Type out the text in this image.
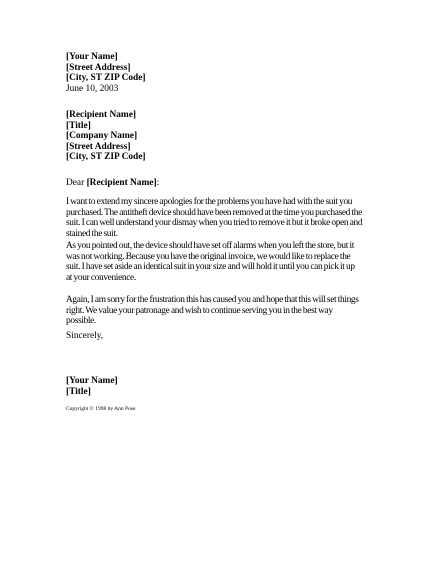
[Your Name]
[Street Address]
[City, ST ZIP Code]
June 10, 2003
[Recipient Name]
[Title]
[Company Name]
[Street Address]
[City, ST ZIP Code]
Dear [Recipient Name]:
I want to extend my sincere apologies for the problems you have had with the suit you
purchased. The antitheft device should have been removed at the time you purchased the
suit. I can well understand your dismay when you tried to remove it but it broke open and
stained the suit.
As you pointed out, the device should have set off alarms when you left the store, but it
was not working. Because you have the original invoice, we would like to replace the
suit. I have set aside an identical suit in your size and will hold it until you can pick it up
at your convenience.
Again, I am sorry for the frustration this has caused you and hope that this will set things
right. We value your patronage and wish to continue serving you in the best way
possible.
Sincerely,
[Your Name]
[Title]
Copyright © 1998 by Ann Pose
